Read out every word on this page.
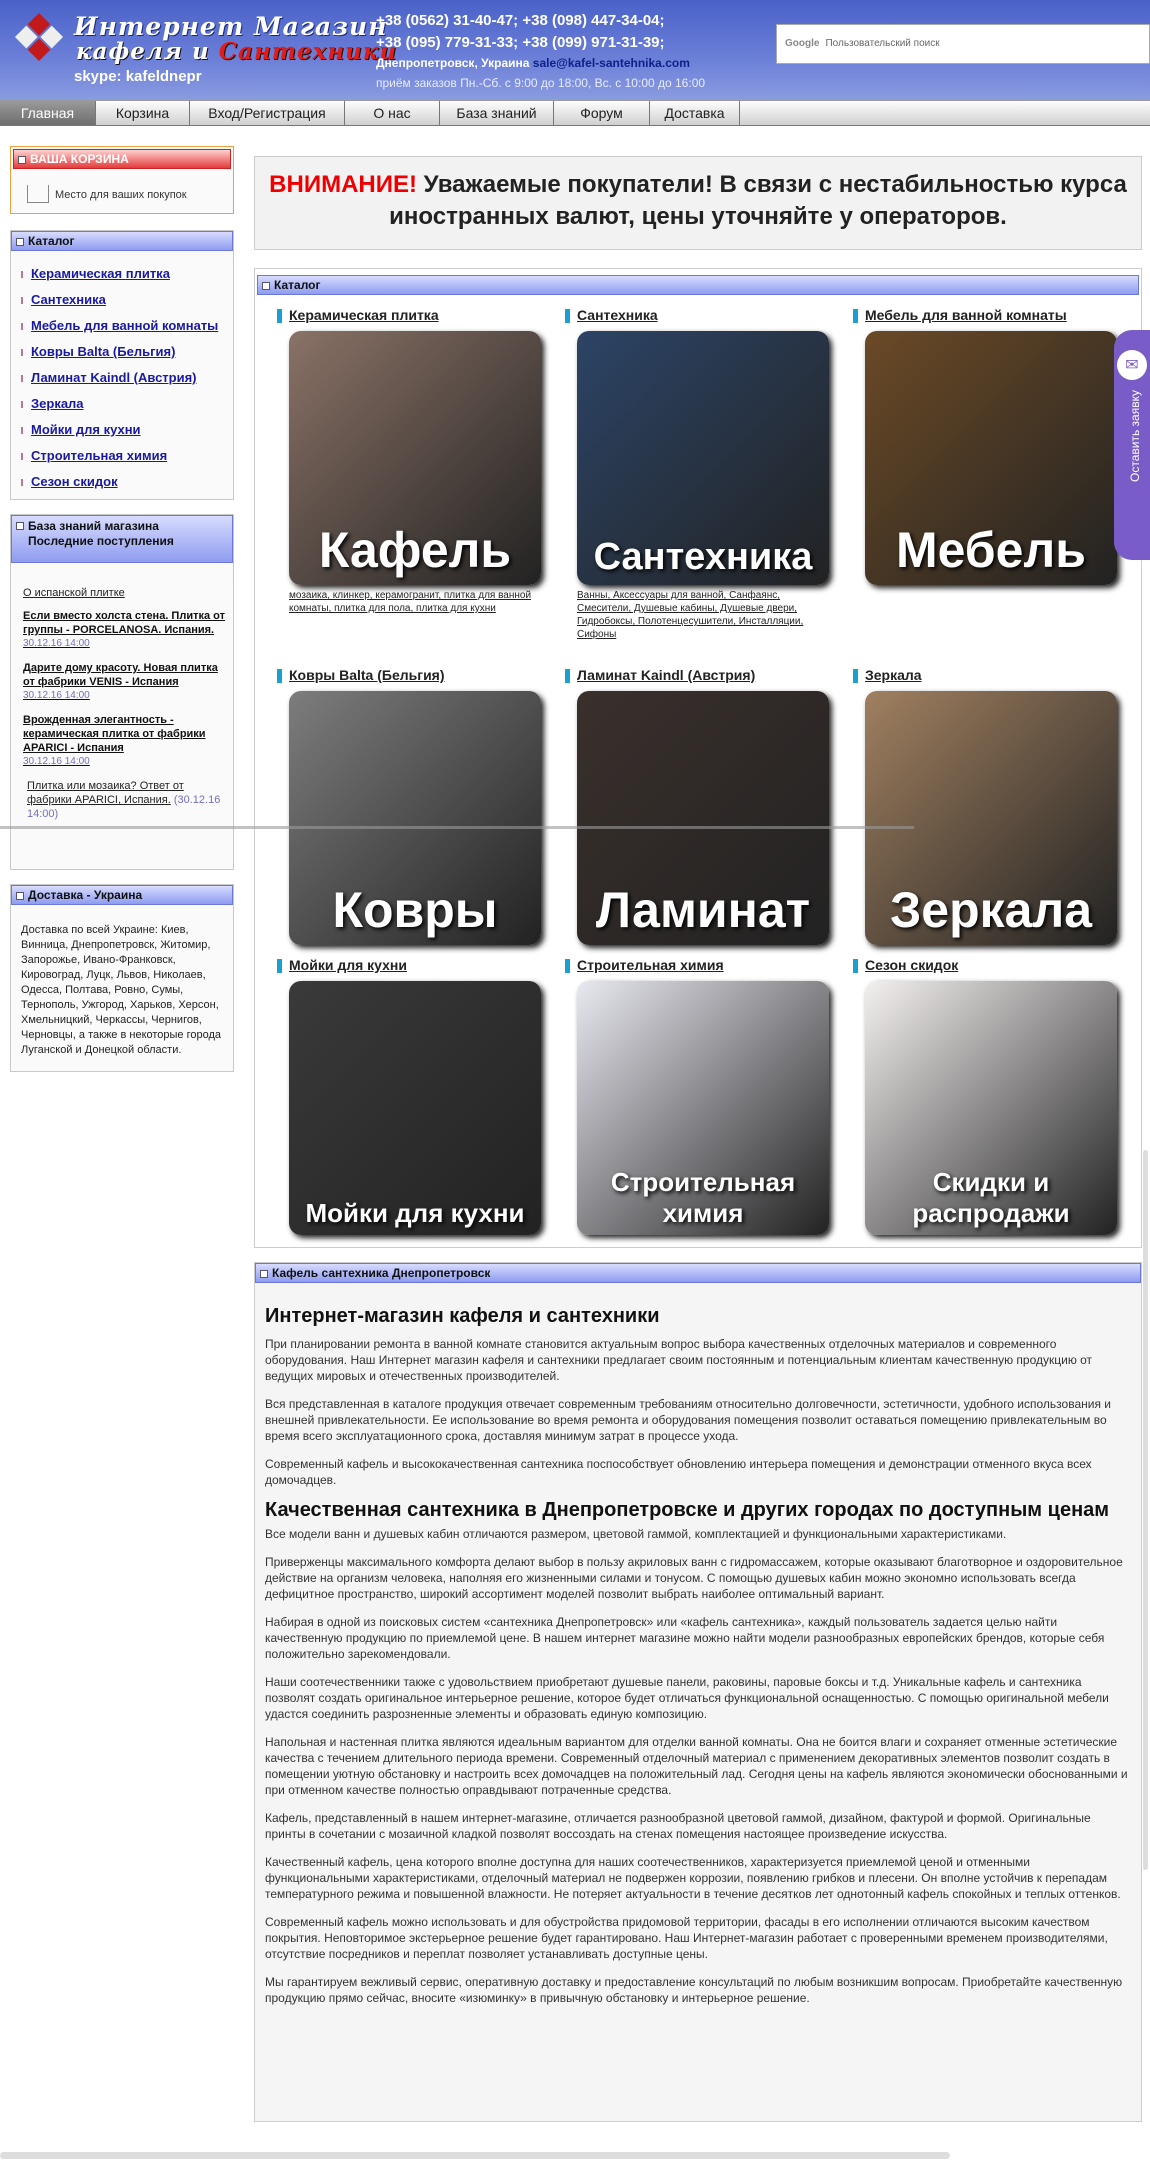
Интернет Магазин
кафеля и Сантехники
skype: kafeldnepr
+38 (0562) 31-40-47; +38 (098) 447-34-04;
+38 (095) 779-31-33; +38 (099) 971-31-39;
Днепропетровск, Украина sale@kafel-santehnika.com
приём заказов Пн.-Сб. с 9:00 до 18:00, Вс. с 10:00 до 16:00
Google Пользовательский поиск
Главная	Корзина	Вход/Регистрация	О нас	База знаний	Форум	Доставка
ВАША КОРЗИНА
Место для ваших покупок
Каталог
Керамическая плитка
Сантехника
Мебель для ванной комнаты
Ковры Balta (Бельгия)
Ламинат Kaindl (Австрия)
Зеркала
Мойки для кухни
Строительная химия
Сезон скидок
База знаний магазина Последние поступления
О испанской плитке
Если вместо холста стена. Плитка от группы - PORCELANOSA. Испания.
30.12.16 14:00
Дарите дому красоту. Новая плитка от фабрики VENIS - Испания
30.12.16 14:00
Врожденная элегантность - керамическая плитка от фабрики APARICI - Испания
30.12.16 14:00
Плитка или мозаика? Ответ от фабрики APARICI, Испания. (30.12.16 14:00)
Доставка - Украина
Доставка по всей Украине: Киев, Винница, Днепропетровск, Житомир, Запорожье, Ивано-Франковск, Кировоград, Луцк, Львов, Николаев, Одесса, Полтава, Ровно, Сумы, Тернополь, Ужгород, Харьков, Херсон, Хмельницкий, Черкассы, Чернигов, Черновцы, а также в некоторые города Луганской и Донецкой области.
ВНИМАНИЕ! Уважаемые покупатели! В связи с нестабильностью курса иностранных валют, цены уточняйте у операторов.
Каталог
Керамическая плитка
Кафель
мозаика, клинкер, керамогранит, плитка для ванной комнаты, плитка для пола, плитка для кухни
Сантехника
Сантехника
Ванны, Аксессуары для ванной, Санфаянс, Смесители, Душевые кабины, Душевые двери, Гидробоксы, Полотенцесушители, Инсталляции, Сифоны
Мебель для ванной комнаты
Мебель
Ковры Balta (Бельгия)
Ковры
Ламинат Kaindl (Австрия)
Ламинат
Зеркала
Зеркала
Мойки для кухни
Мойки для кухни
Строительная химия
Строительная химия
Сезон скидок
Скидки и распродажи
Кафель сантехника Днепропетровск
Интернет-магазин кафеля и сантехники

При планировании ремонта в ванной комнате становится актуальным вопрос выбора качественных отделочных материалов и современного оборудования. Наш Интернет магазин кафеля и сантехники предлагает своим постоянным и потенциальным клиентам качественную продукцию от ведущих мировых и отечественных производителей.

Вся представленная в каталоге продукция отвечает современным требованиям относительно долговечности, эстетичности, удобного использования и внешней привлекательности. Ее использование во время ремонта и оборудования помещения позволит оставаться помещению привлекательным во время всего эксплуатационного срока, доставляя минимум затрат в процессе ухода.

Современный кафель и высококачественная сантехника поспособствует обновлению интерьера помещения и демонстрации отменного вкуса всех домочадцев.

Качественная сантехника в Днепропетровске и других городах по доступным ценам

Все модели ванн и душевых кабин отличаются размером, цветовой гаммой, комплектацией и функциональными характеристиками.

Приверженцы максимального комфорта делают выбор в пользу акриловых ванн с гидромассажем, которые оказывают благотворное и оздоровительное действие на организм человека, наполняя его жизненными силами и тонусом. С помощью душевых кабин можно экономно использовать всегда дефицитное пространство, широкий ассортимент моделей позволит выбрать наиболее оптимальный вариант.

Набирая в одной из поисковых систем «сантехника Днепропетровск» или «кафель сантехника», каждый пользователь задается целью найти качественную продукцию по приемлемой цене. В нашем интернет магазине можно найти модели разнообразных европейских брендов, которые себя положительно зарекомендовали.

Наши соотечественники также с удовольствием приобретают душевые панели, раковины, паровые боксы и т.д. Уникальные кафель и сантехника позволят создать оригинальное интерьерное решение, которое будет отличаться функциональной оснащенностью. С помощью оригинальной мебели удастся соединить разрозненные элементы и образовать единую композицию.

Напольная и настенная плитка являются идеальным вариантом для отделки ванной комнаты. Она не боится влаги и сохраняет отменные эстетические качества с течением длительного периода времени. Современный отделочный материал с применением декоративных элементов позволит создать в помещении уютную обстановку и настроить всех домочадцев на положительный лад. Сегодня цены на кафель являются экономически обоснованными и при отменном качестве полностью оправдывают потраченные средства.

Кафель, представленный в нашем интернет-магазине, отличается разнообразной цветовой гаммой, дизайном, фактурой и формой. Оригинальные принты в сочетании с мозаичной кладкой позволят воссоздать на стенах помещения настоящее произведение искусства.

Качественный кафель, цена которого вполне доступна для наших соотечественников, характеризуется приемлемой ценой и отменными функциональными характеристиками, отделочный материал не подвержен коррозии, появлению грибков и плесени. Он вполне устойчив к перепадам температурного режима и повышенной влажности. Не потеряет актуальности в течение десятков лет однотонный кафель спокойных и теплых оттенков.

Современный кафель можно использовать и для обустройства придомовой территории, фасады в его исполнении отличаются высоким качеством покрытия. Неповторимое экстерьерное решение будет гарантировано. Наш Интернет-магазин работает с проверенными временем производителями, отсутствие посредников и переплат позволяет устанавливать доступные цены.

Мы гарантируем вежливый сервис, оперативную доставку и предоставление консультаций по любым возникшим вопросам. Приобретайте качественную продукцию прямо сейчас, вносите «изюминку» в привычную обстановку и интерьерное решение.

✉
Оставить заявку
